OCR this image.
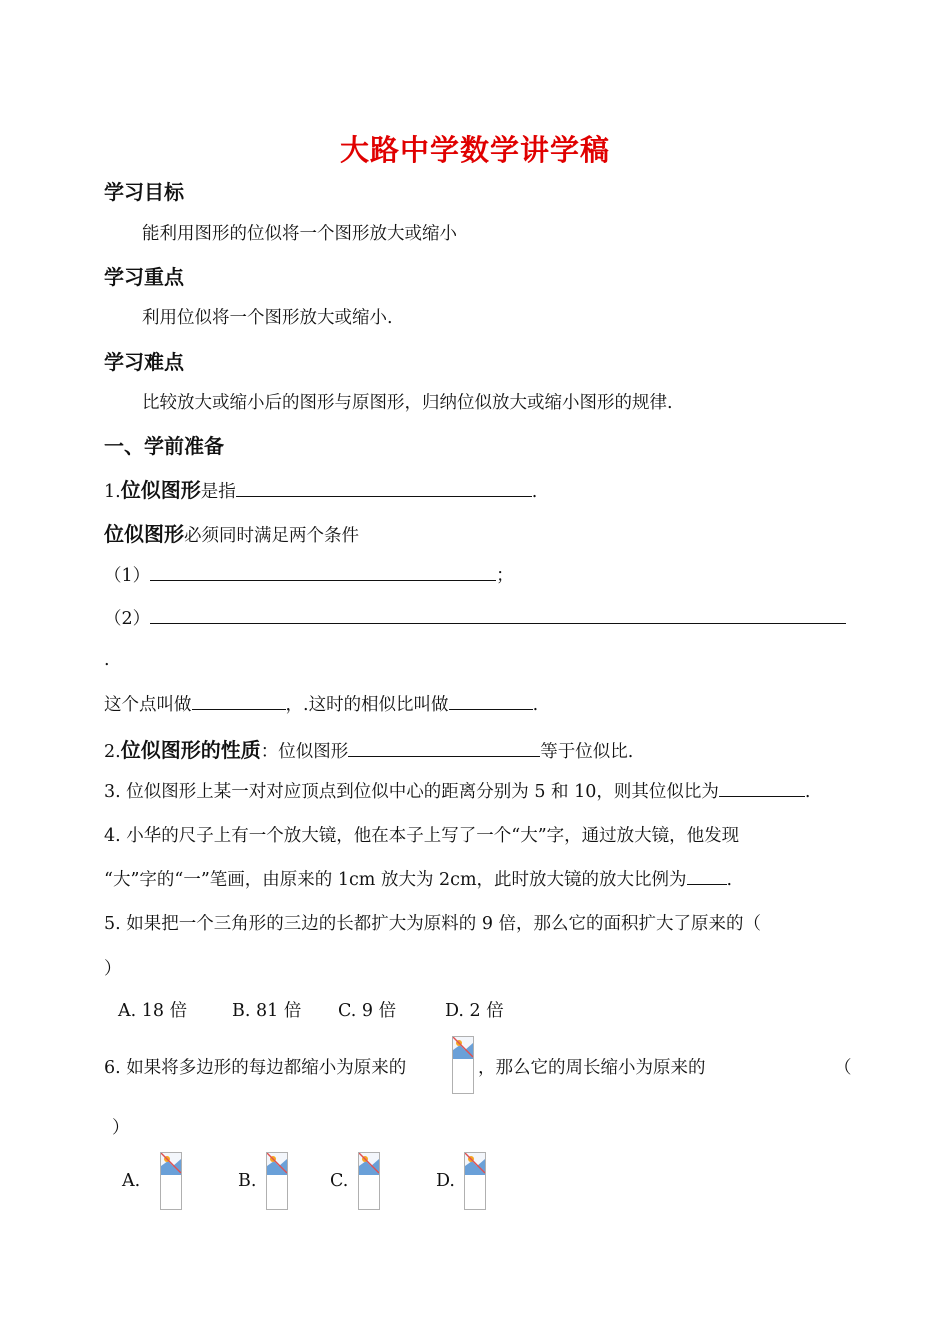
大路中学数学讲学稿
学习目标
能利用图形的位似将一个图形放大或缩小
学习重点
利用位似将一个图形放大或缩小.
学习难点
比较放大或缩小后的图形与原图形，归纳位似放大或缩小图形的规律.
一、学前准备
1.位似图形是指	.
位似图形必须同时满足两个条件
（1）	；
（2）
.
这个点叫做	，.这时的相似比叫做	.
2.位似图形的性质：位似图形	等于位似比.
3. 位似图形上某一对对应顶点到位似中心的距离分别为 5 和 10，则其位似比为	.
4. 小华的尺子上有一个放大镜，他在本子上写了一个“大”字，通过放大镜，他发现
“大”字的“一”笔画，由原来的 1cm 放大为 2cm，此时放大镜的放大比例为 .
5. 如果把一个三角形的三边的长都扩大为原料的 9 倍，那么它的面积扩大了原来的（
）
A. 18 倍	B. 81 倍 C. 9 倍	D. 2 倍
6. 如果将多边形的每边都缩小为原来的	，那么它的周长缩小为原来的	（
）
A.	B.	C.	D.
